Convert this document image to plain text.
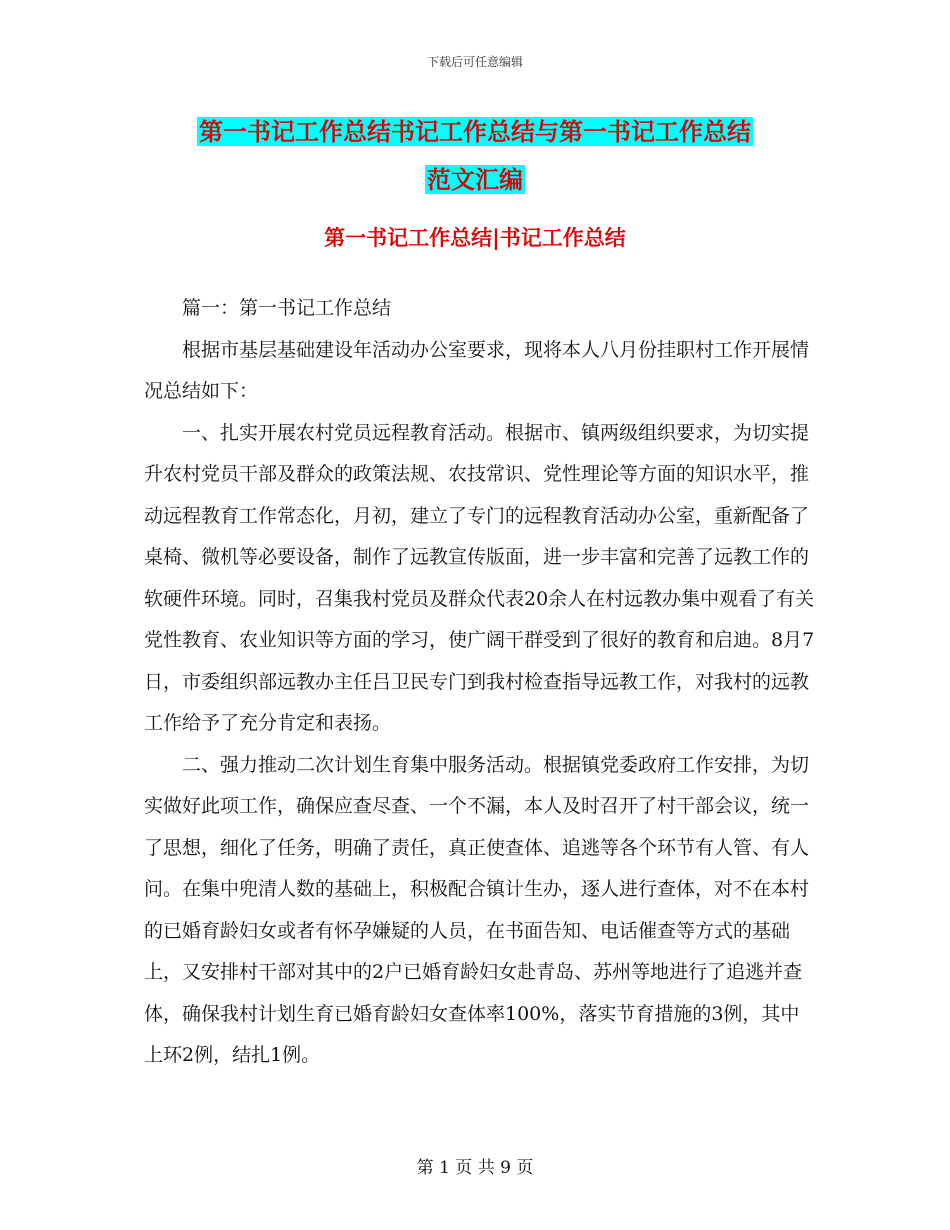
下载后可任意编辑
第一书记工作总结书记工作总结与第一书记工作总结
范文汇编
第一书记工作总结|书记工作总结

篇一：第一书记工作总结

根据市基层基础建设年活动办公室要求，现将本人八月份挂职村工作开展情况总结如下：

一、扎实开展农村党员远程教育活动。根据市、镇两级组织要求，为切实提升农村党员干部及群众的政策法规、农技常识、党性理论等方面的知识水平，推动远程教育工作常态化，月初，建立了专门的远程教育活动办公室，重新配备了桌椅、微机等必要设备，制作了远教宣传版面，进一步丰富和完善了远教工作的软硬件环境。同时，召集我村党员及群众代表20余人在村远教办集中观看了有关党性教育、农业知识等方面的学习，使广阔干群受到了很好的教育和启迪。8月7日，市委组织部远教办主任吕卫民专门到我村检查指导远教工作，对我村的远教工作给予了充分肯定和表扬。

二、强力推动二次计划生育集中服务活动。根据镇党委政府工作安排，为切实做好此项工作，确保应查尽查、一个不漏，本人及时召开了村干部会议，统一了思想，细化了任务，明确了责任，真正使查体、追逃等各个环节有人管、有人问。在集中兜清人数的基础上，积极配合镇计生办，逐人进行查体，对不在本村的已婚育龄妇女或者有怀孕嫌疑的人员，在书面告知、电话催查等方式的基础上，又安排村干部对其中的2户已婚育龄妇女赴青岛、苏州等地进行了追逃并查体，确保我村计划生育已婚育龄妇女查体率100%，落实节育措施的3例，其中上环2例，结扎1例。

第 1 页 共 9 页
